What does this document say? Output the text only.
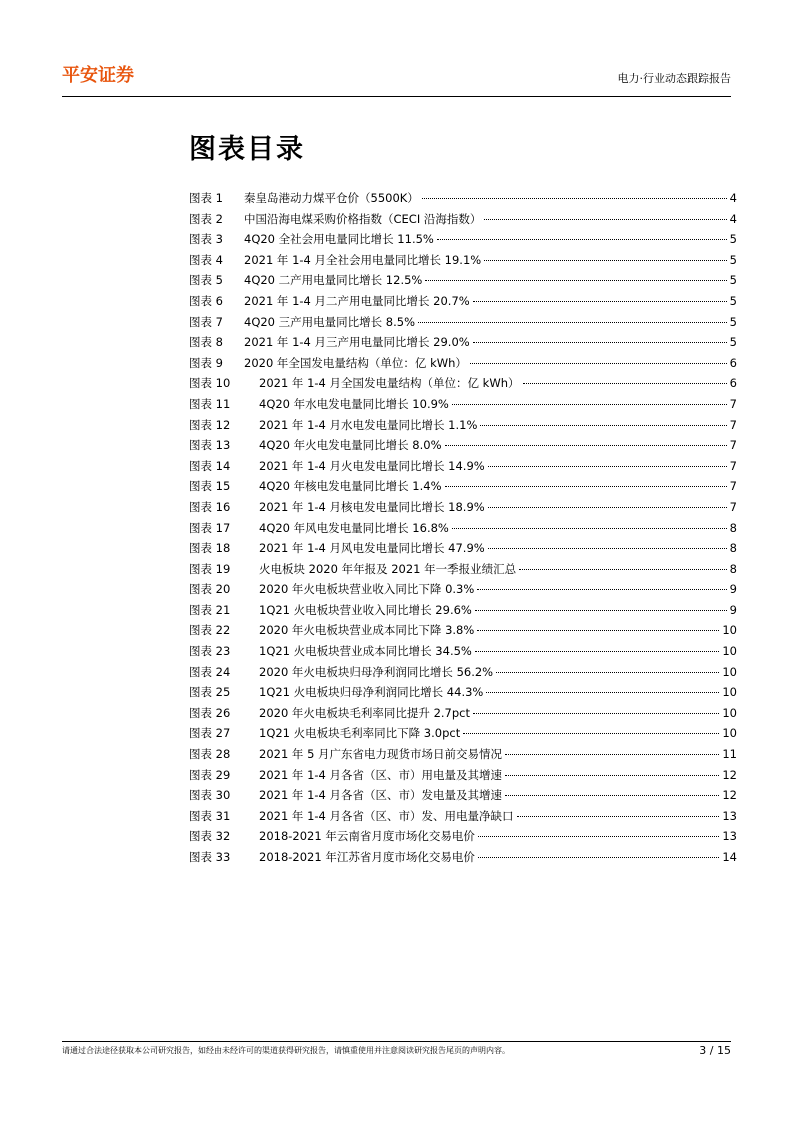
平安证券	电力·行业动态跟踪报告
图表目录
图表 1	秦皇岛港动力煤平仓价（5500K）	4
图表 2	中国沿海电煤采购价格指数（CECI 沿海指数）	4
图表 3	4Q20 全社会用电量同比增长 11.5%	5
图表 4	2021 年 1-4 月全社会用电量同比增长 19.1%	5
图表 5	4Q20 二产用电量同比增长 12.5%	5
图表 6	2021 年 1-4 月二产用电量同比增长 20.7%	5
图表 7	4Q20 三产用电量同比增长 8.5%	5
图表 8	2021 年 1-4 月三产用电量同比增长 29.0%	5
图表 9	2020 年全国发电量结构（单位：亿 kWh）	6
图表 10	2021 年 1-4 月全国发电量结构（单位：亿 kWh）	6
图表 11	4Q20 年水电发电量同比增长 10.9%	7
图表 12	2021 年 1-4 月水电发电量同比增长 1.1%	7
图表 13	4Q20 年火电发电量同比增长 8.0%	7
图表 14	2021 年 1-4 月火电发电量同比增长 14.9%	7
图表 15	4Q20 年核电发电量同比增长 1.4%	7
图表 16	2021 年 1-4 月核电发电量同比增长 18.9%	7
图表 17	4Q20 年风电发电量同比增长 16.8%	8
图表 18	2021 年 1-4 月风电发电量同比增长 47.9%	8
图表 19	火电板块 2020 年年报及 2021 年一季报业绩汇总	8
图表 20	2020 年火电板块营业收入同比下降 0.3%	9
图表 21	1Q21 火电板块营业收入同比增长 29.6%	9
图表 22	2020 年火电板块营业成本同比下降 3.8%	10
图表 23	1Q21 火电板块营业成本同比增长 34.5%	10
图表 24	2020 年火电板块归母净利润同比增长 56.2%	10
图表 25	1Q21 火电板块归母净利润同比增长 44.3%	10
图表 26	2020 年火电板块毛利率同比提升 2.7pct	10
图表 27	1Q21 火电板块毛利率同比下降 3.0pct	10
图表 28	2021 年 5 月广东省电力现货市场日前交易情况	11
图表 29	2021 年 1-4 月各省（区、市）用电量及其增速	12
图表 30	2021 年 1-4 月各省（区、市）发电量及其增速	12
图表 31	2021 年 1-4 月各省（区、市）发、用电量净缺口	13
图表 32	2018-2021 年云南省月度市场化交易电价	13
图表 33	2018-2021 年江苏省月度市场化交易电价	14
请通过合法途径获取本公司研究报告，如经由未经许可的渠道获得研究报告，请慎重使用并注意阅读研究报告尾页的声明内容。	3 / 15
